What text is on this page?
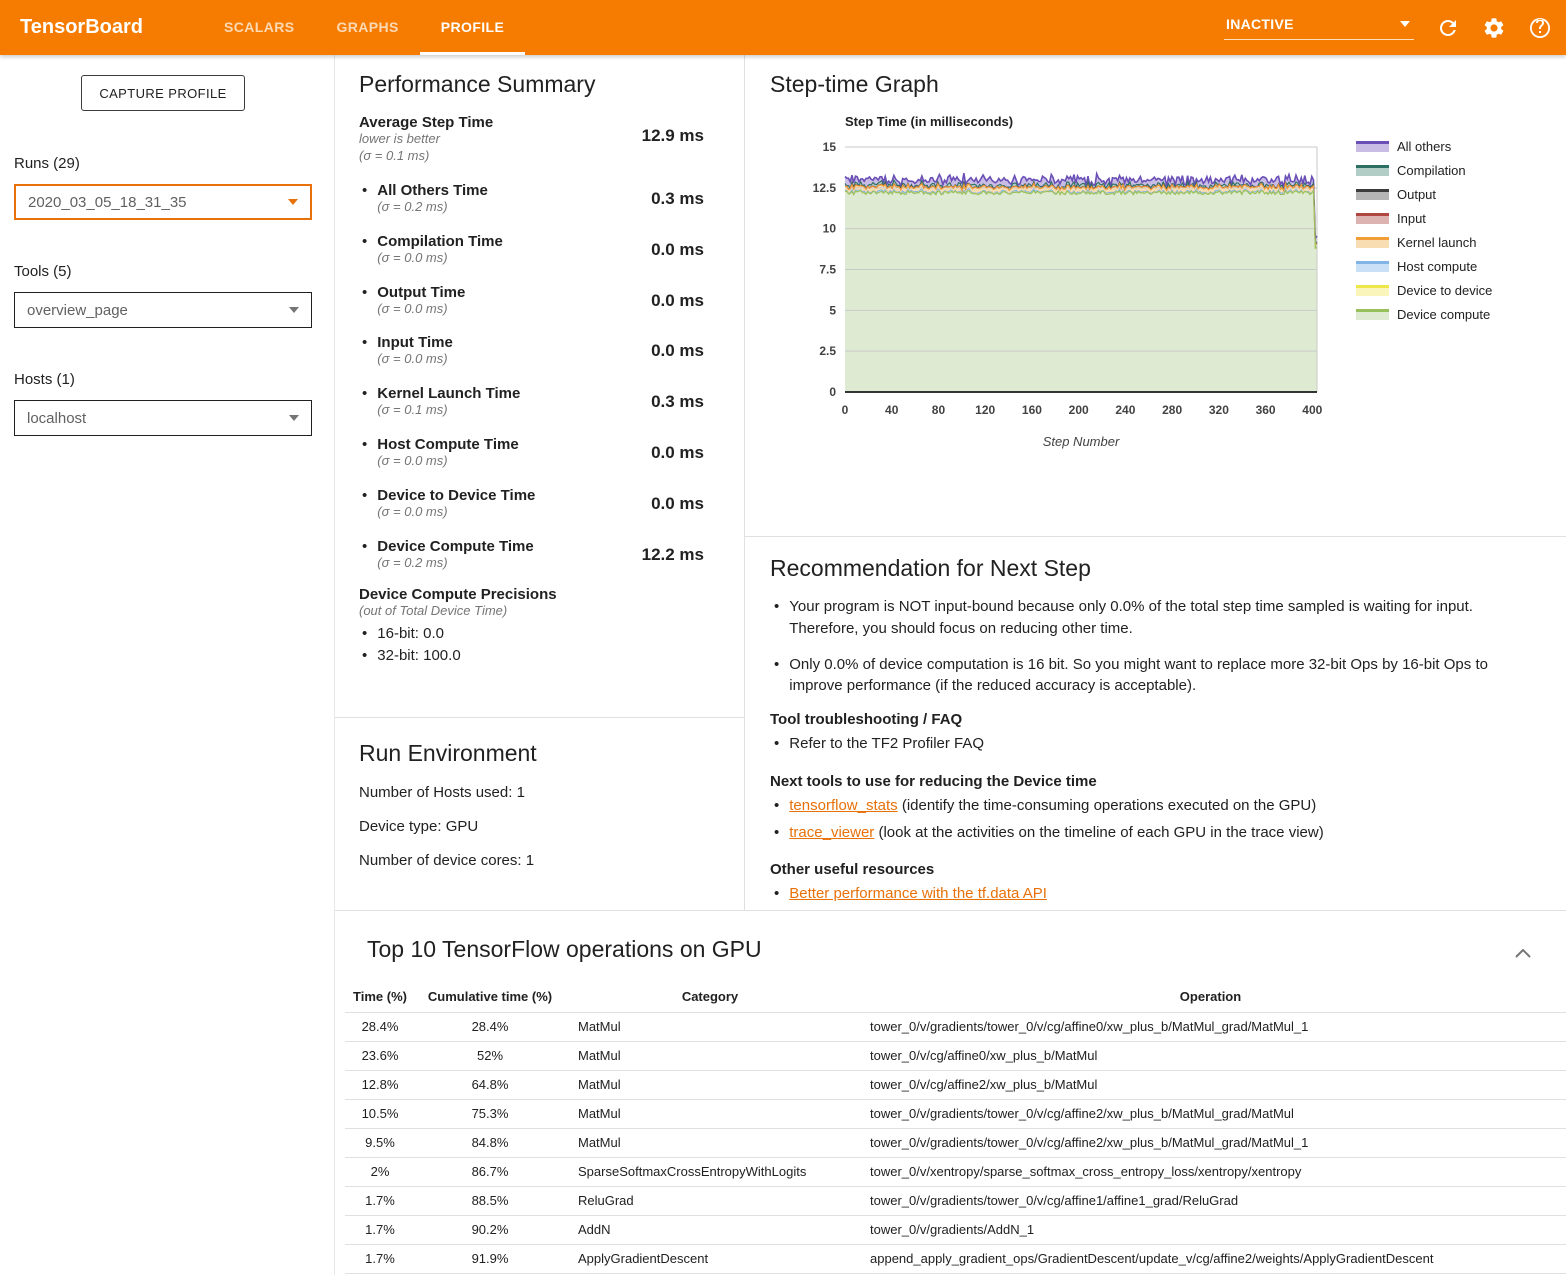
TensorBoard	SCALARS	GRAPHS	PROFILE	INACTIVE
CAPTURE PROFILE
Runs (29)
2020_03_05_18_31_35
Tools (5)
overview_page
Hosts (1)
localhost
Performance Summary
Average Step Time
lower is better
(σ = 0.1 ms)
12.9 ms
• All Others Time
(σ = 0.2 ms)	0.3 ms
• Compilation Time
(σ = 0.0 ms)	0.0 ms
• Output Time
(σ = 0.0 ms)	0.0 ms
• Input Time
(σ = 0.0 ms)	0.0 ms
• Kernel Launch Time
(σ = 0.1 ms)	0.3 ms
• Host Compute Time
(σ = 0.0 ms)	0.0 ms
• Device to Device Time
(σ = 0.0 ms)	0.0 ms
• Device Compute Time
(σ = 0.2 ms)	12.2 ms
Device Compute Precisions
(out of Total Device Time)
• 16-bit: 0.0
• 32-bit: 100.0
Run Environment
Number of Hosts used: 1
Device type: GPU
Number of device cores: 1
Step-time Graph
0
2.5
5
7.5
10
12.5
15
0	40	80	120 160 200 240 280 320 360 400
Step Time (in milliseconds)
Step Number
All others
Compilation
Output
Input
Kernel launch
Host compute
Device to device
Device compute
Recommendation for Next Step
• Your program is NOT input-bound because only 0.0% of the total step time sampled is waiting for input. Therefore, you should focus on reducing other time.
• Only 0.0% of device computation is 16 bit. So you might want to replace more 32-bit Ops by 16-bit Ops to improve performance (if the reduced accuracy is acceptable).
Tool troubleshooting / FAQ
• Refer to the TF2 Profiler FAQ
Next tools to use for reducing the Device time
• tensorflow_stats (identify the time-consuming operations executed on the GPU)
• trace_viewer (look at the activities on the timeline of each GPU in the trace view)
Other useful resources
• Better performance with the tf.data API
Top 10 TensorFlow operations on GPU
Time (%)	Cumulative time (%)	Category	Operation
28.4%	28.4%	MatMul	tower_0/v/gradients/tower_0/v/cg/affine0/xw_plus_b/MatMul_grad/MatMul_1
23.6%	52%	MatMul	tower_0/v/cg/affine0/xw_plus_b/MatMul
12.8%	64.8%	MatMul	tower_0/v/cg/affine2/xw_plus_b/MatMul
10.5%	75.3%	MatMul	tower_0/v/gradients/tower_0/v/cg/affine2/xw_plus_b/MatMul_grad/MatMul
9.5%	84.8%	MatMul	tower_0/v/gradients/tower_0/v/cg/affine2/xw_plus_b/MatMul_grad/MatMul_1
2%	86.7%	SparseSoftmaxCrossEntropyWithLogits	tower_0/v/xentropy/sparse_softmax_cross_entropy_loss/xentropy/xentropy
1.7%	88.5%	ReluGrad	tower_0/v/gradients/tower_0/v/cg/affine1/affine1_grad/ReluGrad
1.7%	90.2%	AddN	tower_0/v/gradients/AddN_1
1.7%	91.9%	ApplyGradientDescent	append_apply_gradient_ops/GradientDescent/update_v/cg/affine2/weights/ApplyGradientDescent
